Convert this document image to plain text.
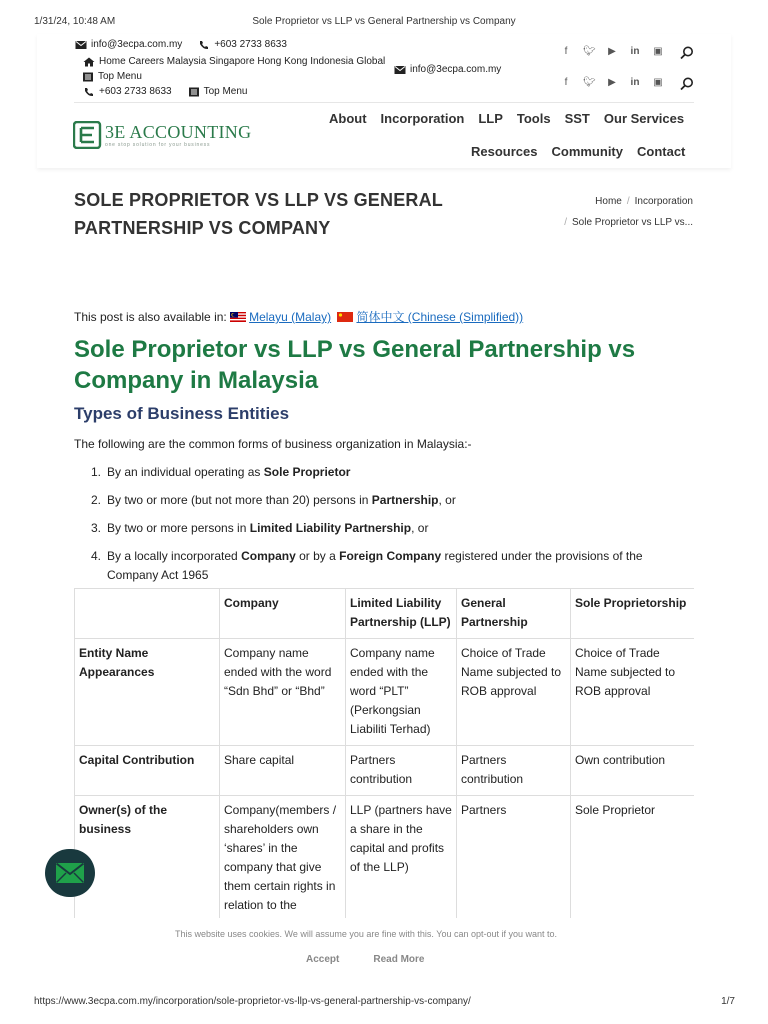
1/31/24, 10:48 AM	Sole Proprietor vs LLP vs General Partnership vs Company
info@3ecpa.com.my	+603 2733 8633
Home Careers Malaysia Singapore Hong Kong Indonesia Global
info@3ecpa.com.my
Top Menu
+603 2733 8633	Top Menu
f	🐦︎ ▶ in ▣
f	🐦︎ ▶ in ▣
3E ACCOUNTING
one stop solution for your business
About Incorporation LLP Tools SST Our Services
Resources Community Contact
SOLE PROPRIETOR VS LLP VS GENERAL PARTNERSHIP VS COMPANY
Home / Incorporation
/ Sole Proprietor vs LLP vs...
This post is also available in: Melayu (Malay) 简体中文 (Chinese (Simplified))
Sole Proprietor vs LLP vs General Partnership vs Company in Malaysia
Types of Business Entities
The following are the common forms of business organization in Malaysia:-
1. By an individual operating as Sole Proprietor
2. By two or more (but not more than 20) persons in Partnership, or
3. By two or more persons in Limited Liability Partnership, or
4. By a locally incorporated Company or by a Foreign Company registered under the provisions of the Company Act 1965
	Company	Limited Liability Partnership (LLP)	General Partnership	Sole Proprietorship
Entity Name Appearances	Company name ended with the word “Sdn Bhd” or “Bhd”	Company name ended with the word “PLT” (Perkongsian Liabiliti Terhad)	Choice of Trade Name subjected to ROB approval	Choice of Trade Name subjected to ROB approval
Capital Contribution	Share capital	Partners contribution	Partners contribution	Own contribution
Owner(s) of the business	Company(members / shareholders own ‘shares’ in the company that give them certain rights in relation to the	LLP (partners have a share in the capital and profits of the LLP)	Partners	Sole Proprietor
This website uses cookies. We will assume you are fine with this. You can opt-out if you want to.
Accept	Read More
https://www.3ecpa.com.my/incorporation/sole-proprietor-vs-llp-vs-general-partnership-vs-company/	1/7
